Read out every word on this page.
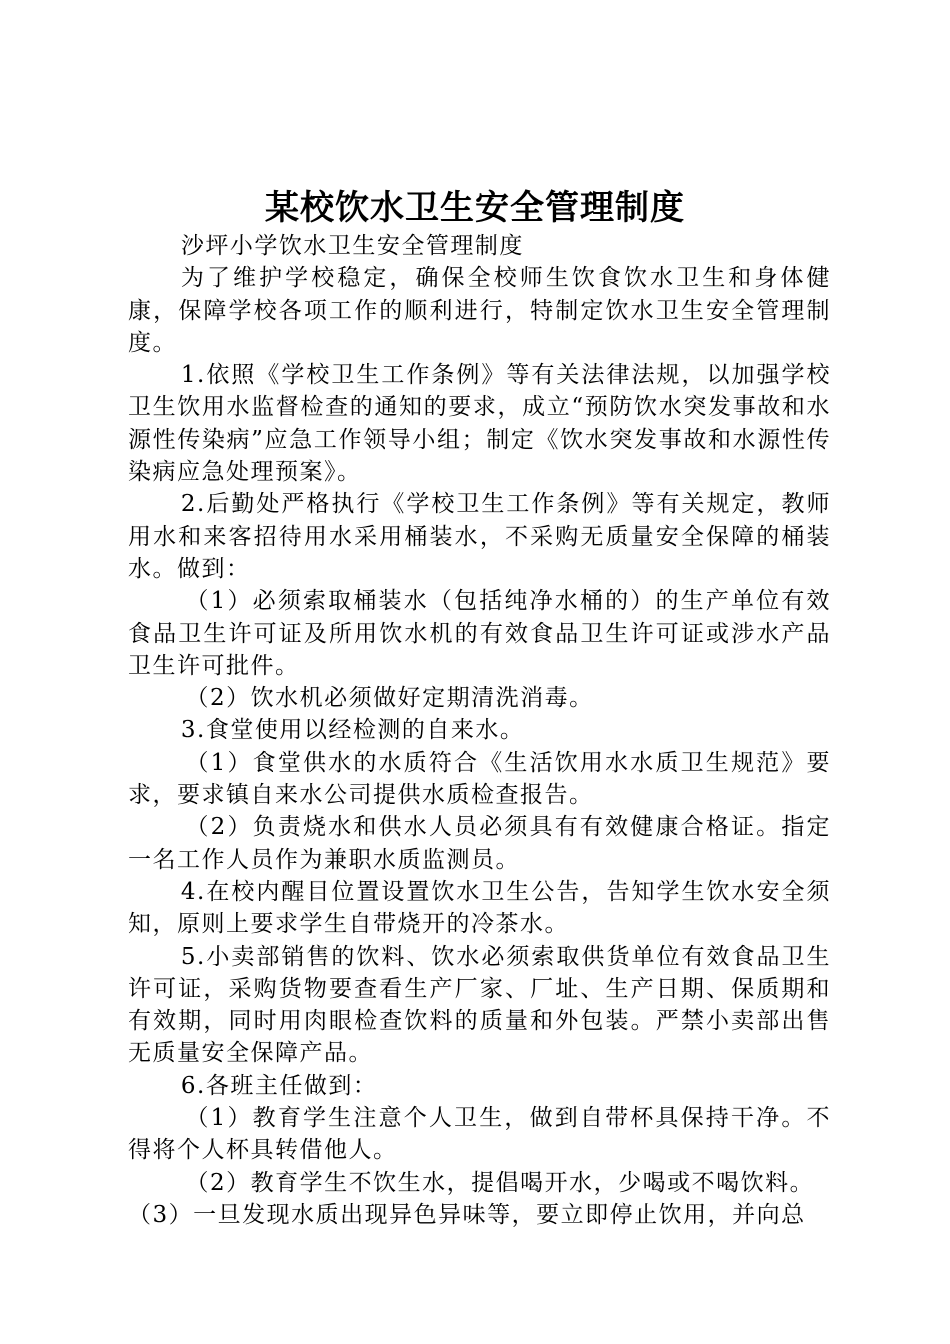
某校饮水卫生安全管理制度

沙坪小学饮水卫生安全管理制度

为了维护学校稳定，确保全校师生饮食饮水卫生和身体健康，保障学校各项工作的顺利进行，特制定饮水卫生安全管理制度。

1.依照《学校卫生工作条例》等有关法律法规，以加强学校卫生饮用水监督检查的通知的要求，成立“预防饮水突发事故和水源性传染病”应急工作领导小组；制定《饮水突发事故和水源性传染病应急处理预案》。

2.后勤处严格执行《学校卫生工作条例》等有关规定，教师用水和来客招待用水采用桶装水，不采购无质量安全保障的桶装水。做到：

（1）必须索取桶装水（包括纯净水桶的）的生产单位有效食品卫生许可证及所用饮水机的有效食品卫生许可证或涉水产品卫生许可批件。

（2）饮水机必须做好定期清洗消毒。

3.食堂使用以经检测的自来水。

（1）食堂供水的水质符合《生活饮用水水质卫生规范》要求，要求镇自来水公司提供水质检查报告。

（2）负责烧水和供水人员必须具有有效健康合格证。指定一名工作人员作为兼职水质监测员。

4.在校内醒目位置设置饮水卫生公告，告知学生饮水安全须知，原则上要求学生自带烧开的冷茶水。

5.小卖部销售的饮料、饮水必须索取供货单位有效食品卫生许可证，采购货物要查看生产厂家、厂址、生产日期、保质期和有效期，同时用肉眼检查饮料的质量和外包装。严禁小卖部出售无质量安全保障产品。

6.各班主任做到：

（1）教育学生注意个人卫生，做到自带杯具保持干净。不得将个人杯具转借他人。

（2）教育学生不饮生水，提倡喝开水，少喝或不喝饮料。

（3）一旦发现水质出现异色异味等，要立即停止饮用，并向总
